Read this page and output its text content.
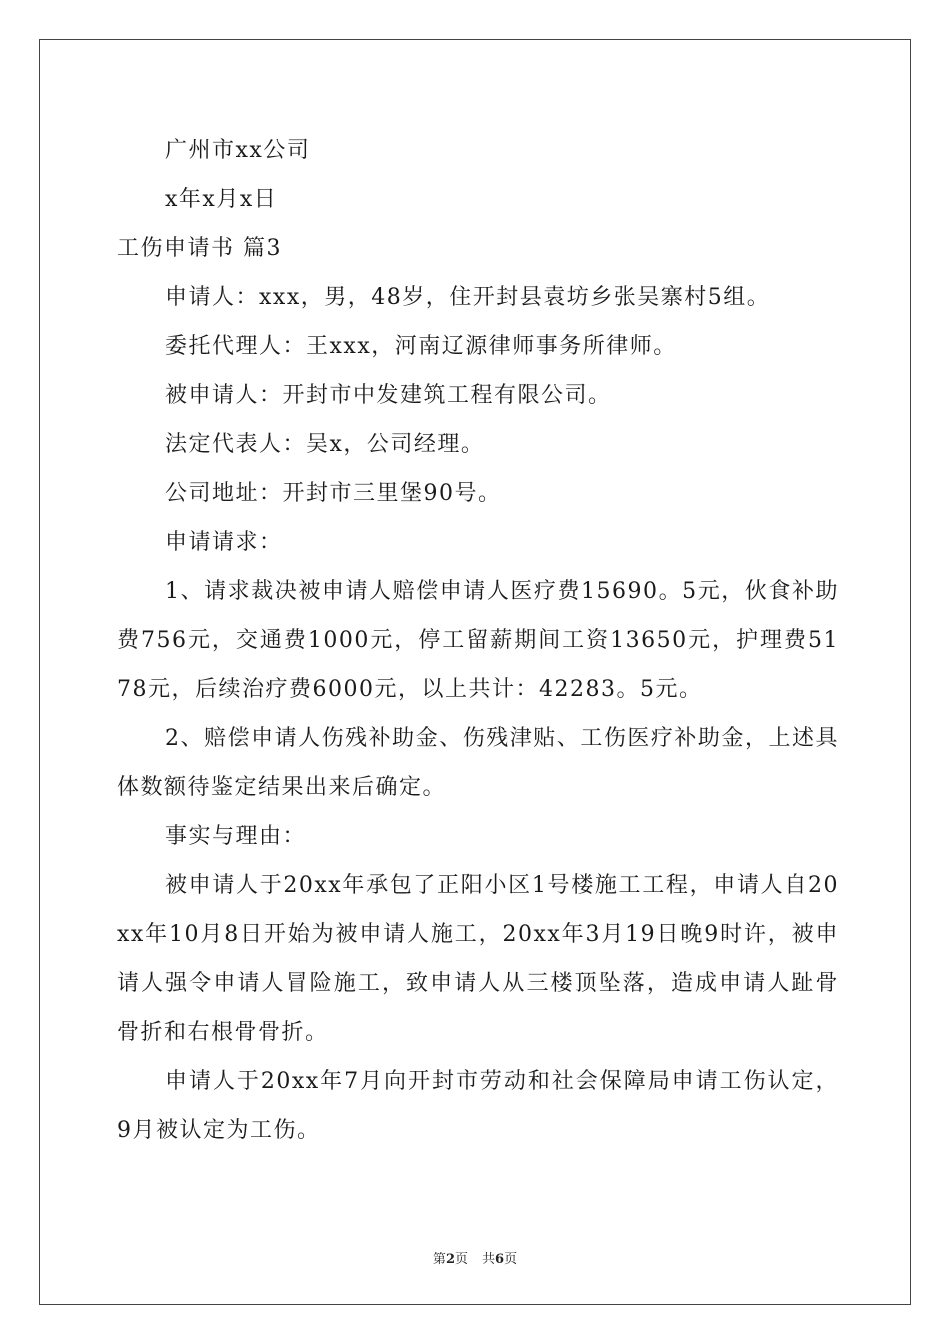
广州市xx公司

x年x月x日

工伤申请书 篇3

申请人：xxx，男，48岁，住开封县袁坊乡张吴寨村5组。

委托代理人：王xxx，河南辽源律师事务所律师。

被申请人：开封市中发建筑工程有限公司。

法定代表人：吴x，公司经理。

公司地址：开封市三里堡90号。

申请请求：

1、请求裁决被申请人赔偿申请人医疗费15690。5元，伙食补助费756元，交通费1000元，停工留薪期间工资13650元，护理费5178元，后续治疗费6000元，以上共计：42283。5元。

2、赔偿申请人伤残补助金、伤残津贴、工伤医疗补助金，上述具体数额待鉴定结果出来后确定。

事实与理由：

被申请人于20xx年承包了正阳小区1号楼施工工程，申请人自20xx年10月8日开始为被申请人施工，20xx年3月19日晚9时许，被申请人强令申请人冒险施工，致申请人从三楼顶坠落，造成申请人趾骨骨折和右根骨骨折。

申请人于20xx年7月向开封市劳动和社会保障局申请工伤认定，9月被认定为工伤。

第2页 共6页
